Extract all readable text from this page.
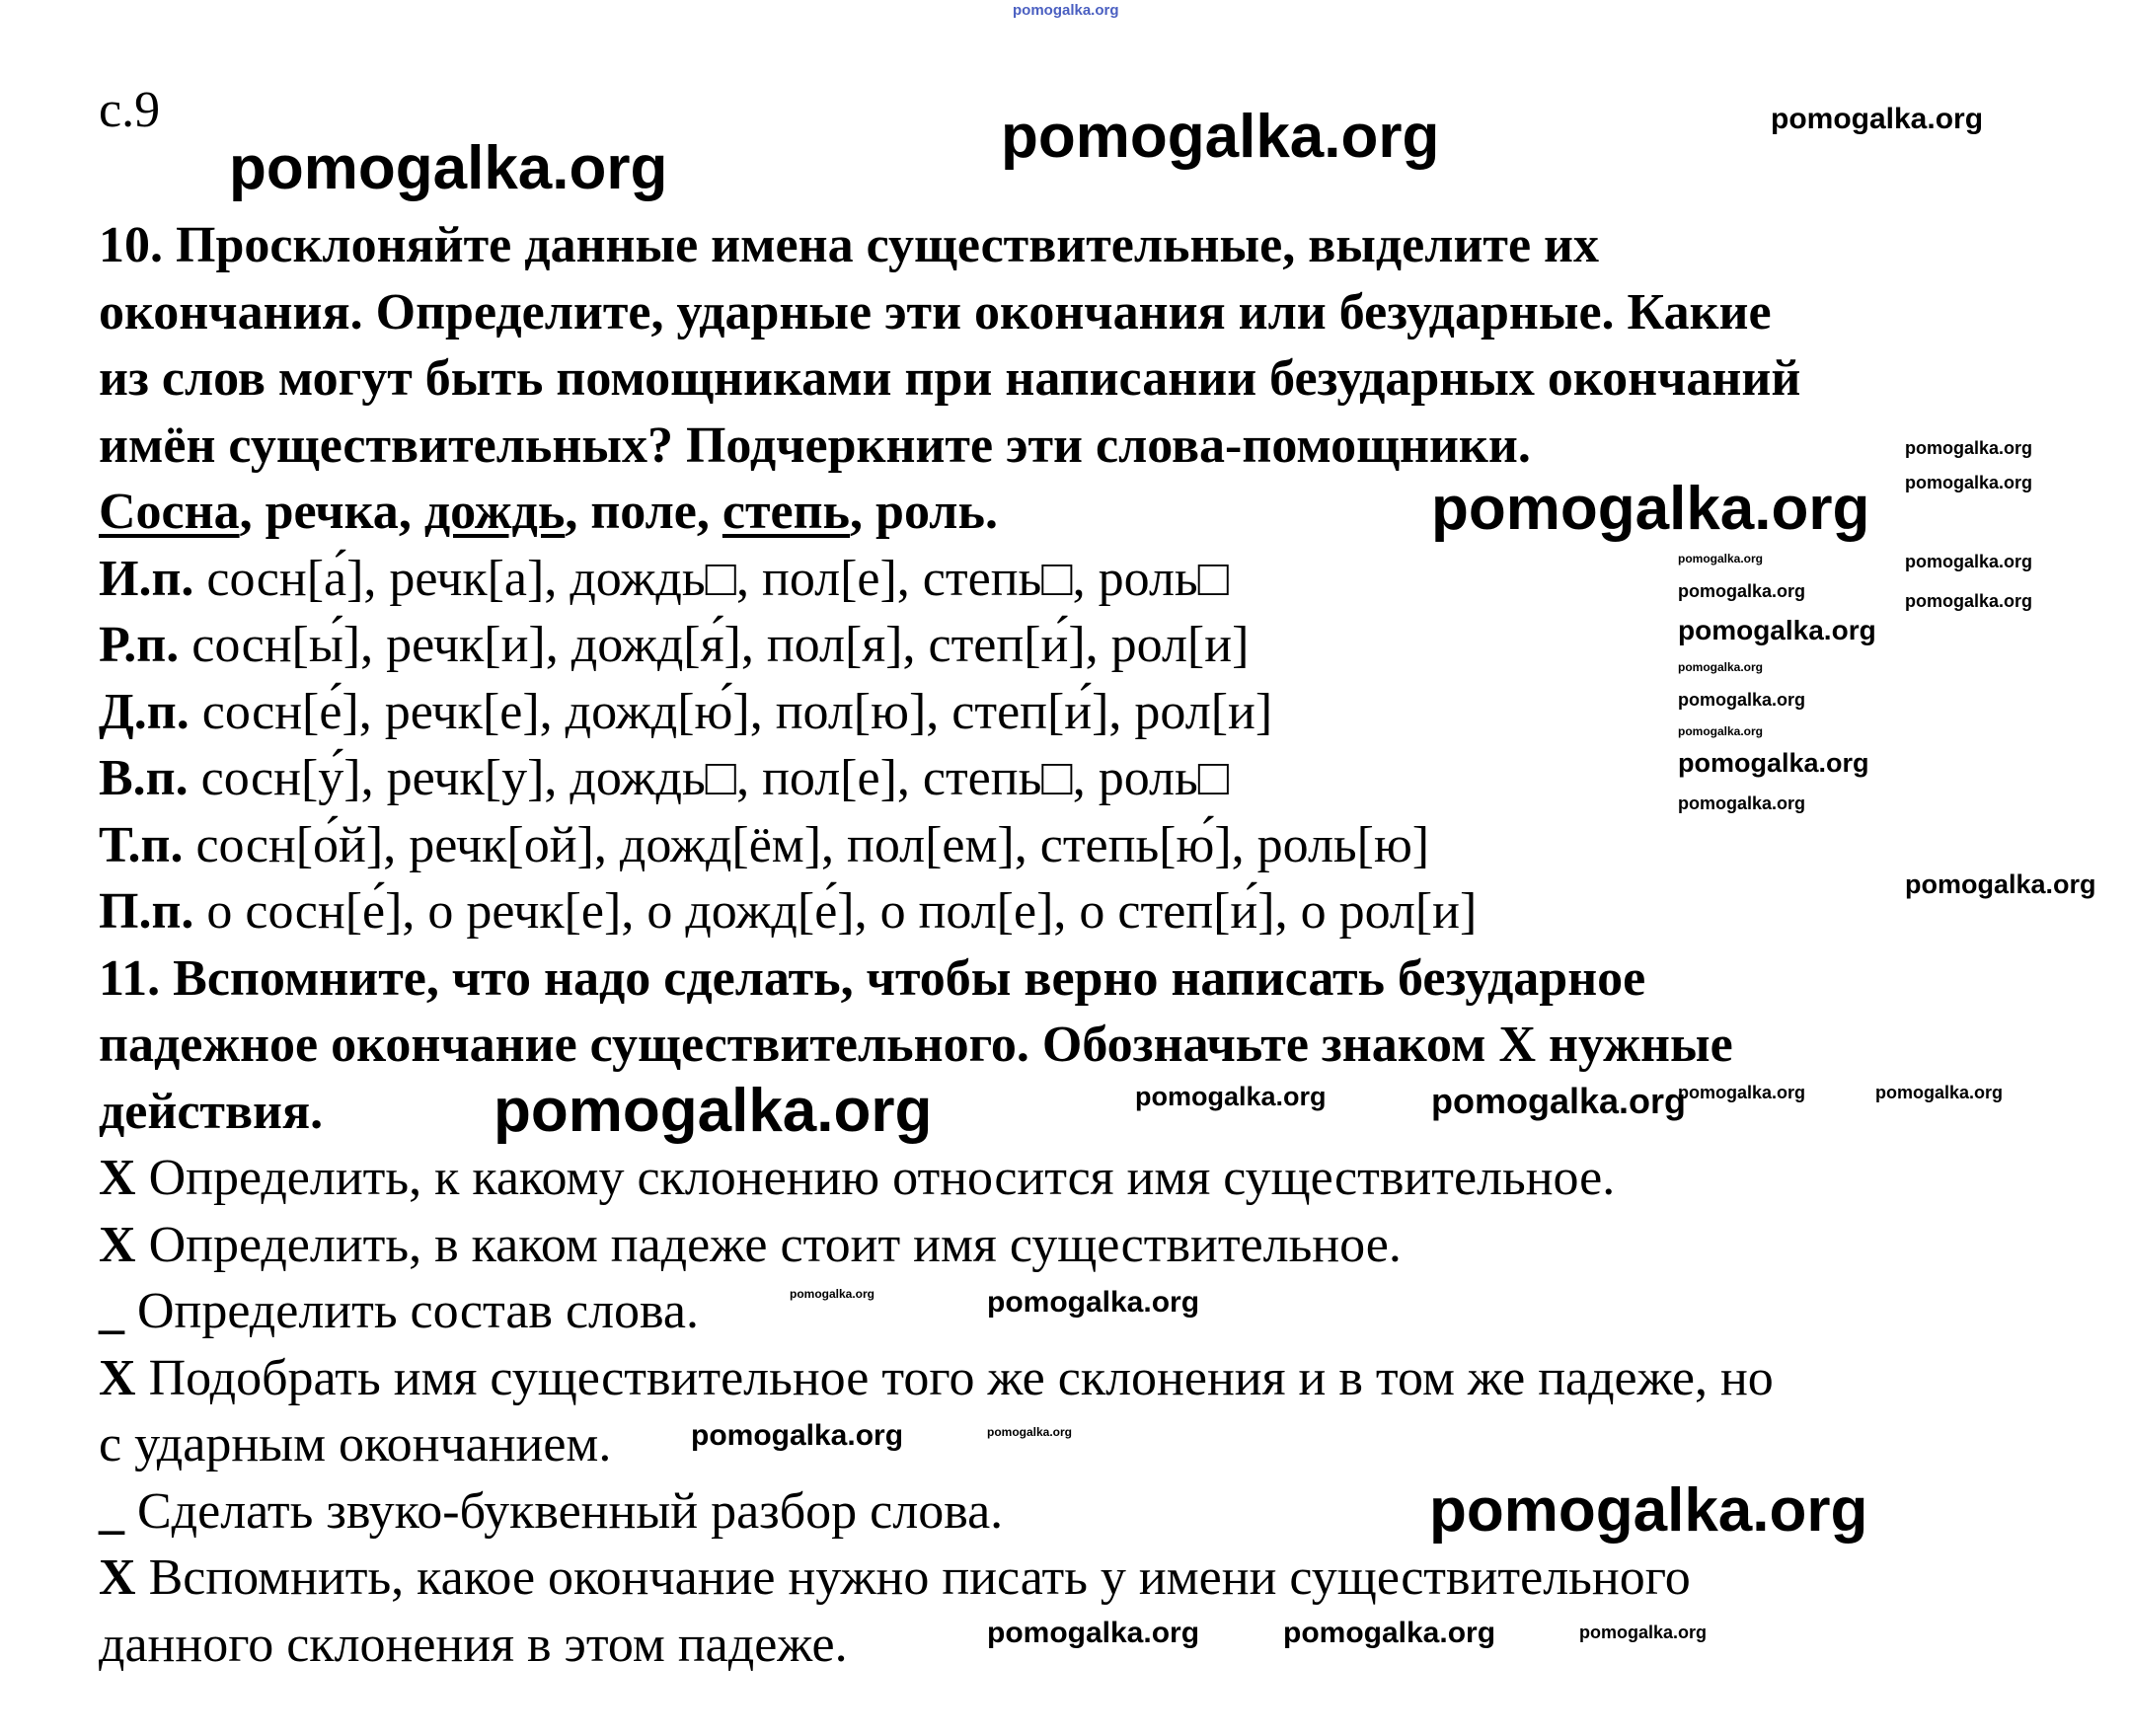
с.9
10. Просклоняйте данные имена существительные, выделите их
окончания. Определите, ударные эти окончания или безударные. Какие
из слов могут быть помощниками при написании безударных окончаний
имён существительных? Подчеркните эти слова-помощники.
Сосна, речка, дождь, поле, степь, роль.
И.п. сосн[а́], речк[а], дождь□, пол[е], степь□, роль□
Р.п. сосн[ы́], речк[и], дожд[я́], пол[я], степ[и́], рол[и]
Д.п. сосн[е́], речк[е], дожд[ю́], пол[ю], степ[и́], рол[и]
В.п. сосн[у́], речк[у], дождь□, пол[е], степь□, роль□
Т.п. сосн[о́й], речк[ой], дожд[ём], пол[ем], степь[ю́], роль[ю]
П.п. о сосн[е́], о речк[е], о дожд[е́], о пол[е], о степ[и́], о рол[и]
11. Вспомните, что надо сделать, чтобы верно написать безударное
падежное окончание существительного. Обозначьте знаком X нужные
действия.
X Определить, к какому склонению относится имя существительное.
X Определить, в каком падеже стоит имя существительное.
_ Определить состав слова.
X Подобрать имя существительное того же склонения и в том же падеже, но
с ударным окончанием.
_ Сделать звуко-буквенный разбор слова.
X Вспомнить, какое окончание нужно писать у имени существительного
данного склонения в этом падеже.
pomogalka.org
pomogalka.org	pomogalka.org
pomogalka.org
pomogalka.org
pomogalka.org
pomogalka.org
pomogalka.org
pomogalka.org
pomogalka.org
pomogalka.org
pomogalka.org
pomogalka.org
pomogalka.org
pomogalka.org
pomogalka.org
pomogalka.org
pomogalka.org
pomogalka.org	pomogalka.org	pomogalka.org
pomogalka.org	pomogalka.org
pomogalka.org	pomogalka.org
pomogalka.org	pomogalka.org
pomogalka.org
pomogalka.org	pomogalka.org	pomogalka.org
